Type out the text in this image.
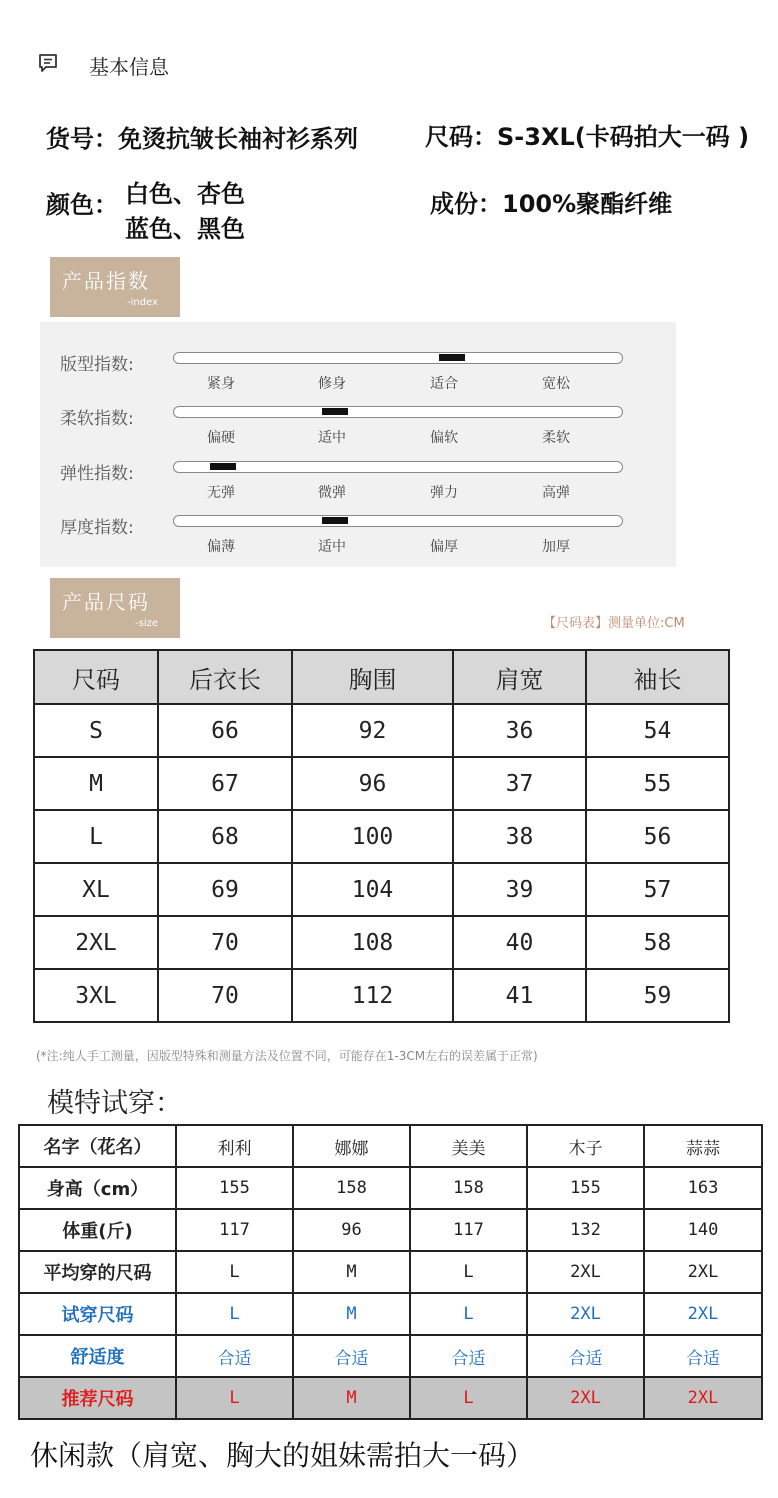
基本信息
货号：免烫抗皱长袖衬衫系列	尺码：S-3XL(卡码拍大一码 )
颜色： 白色、杏色
蓝色、黑色
成份：100%聚酯纤维
产品指数
-index
版型指数:
紧身	修身	适合	宽松
柔软指数:
偏硬	适中	偏软	柔软
弹性指数:
无弹	微弹	弹力	高弹
厚度指数:
偏薄	适中	偏厚	加厚
产品尺码
-size	【尺码表】测量单位:CM
尺码	后衣长	胸围	肩宽	袖长
S	66	92	36	54
M	67	96	37	55
L	68	100	38	56
XL	69	104	39	57
2XL	70	108	40	58
3XL	70	112	41	59
(*注:纯人手工测量，因版型特殊和测量方法及位置不同，可能存在1-3CM左右的误差属于正常)
模特试穿：
名字（花名）	利利	娜娜	美美	木子	蒜蒜
身高（cm）	155	158	158	155	163
体重(斤)	117	96	117	132	140
平均穿的尺码	L	M	L	2XL	2XL
试穿尺码	L	M	L	2XL	2XL
舒适度	合适	合适	合适	合适	合适
推荐尺码	L	M	L	2XL	2XL
休闲款（肩宽、胸大的姐妹需拍大一码）
